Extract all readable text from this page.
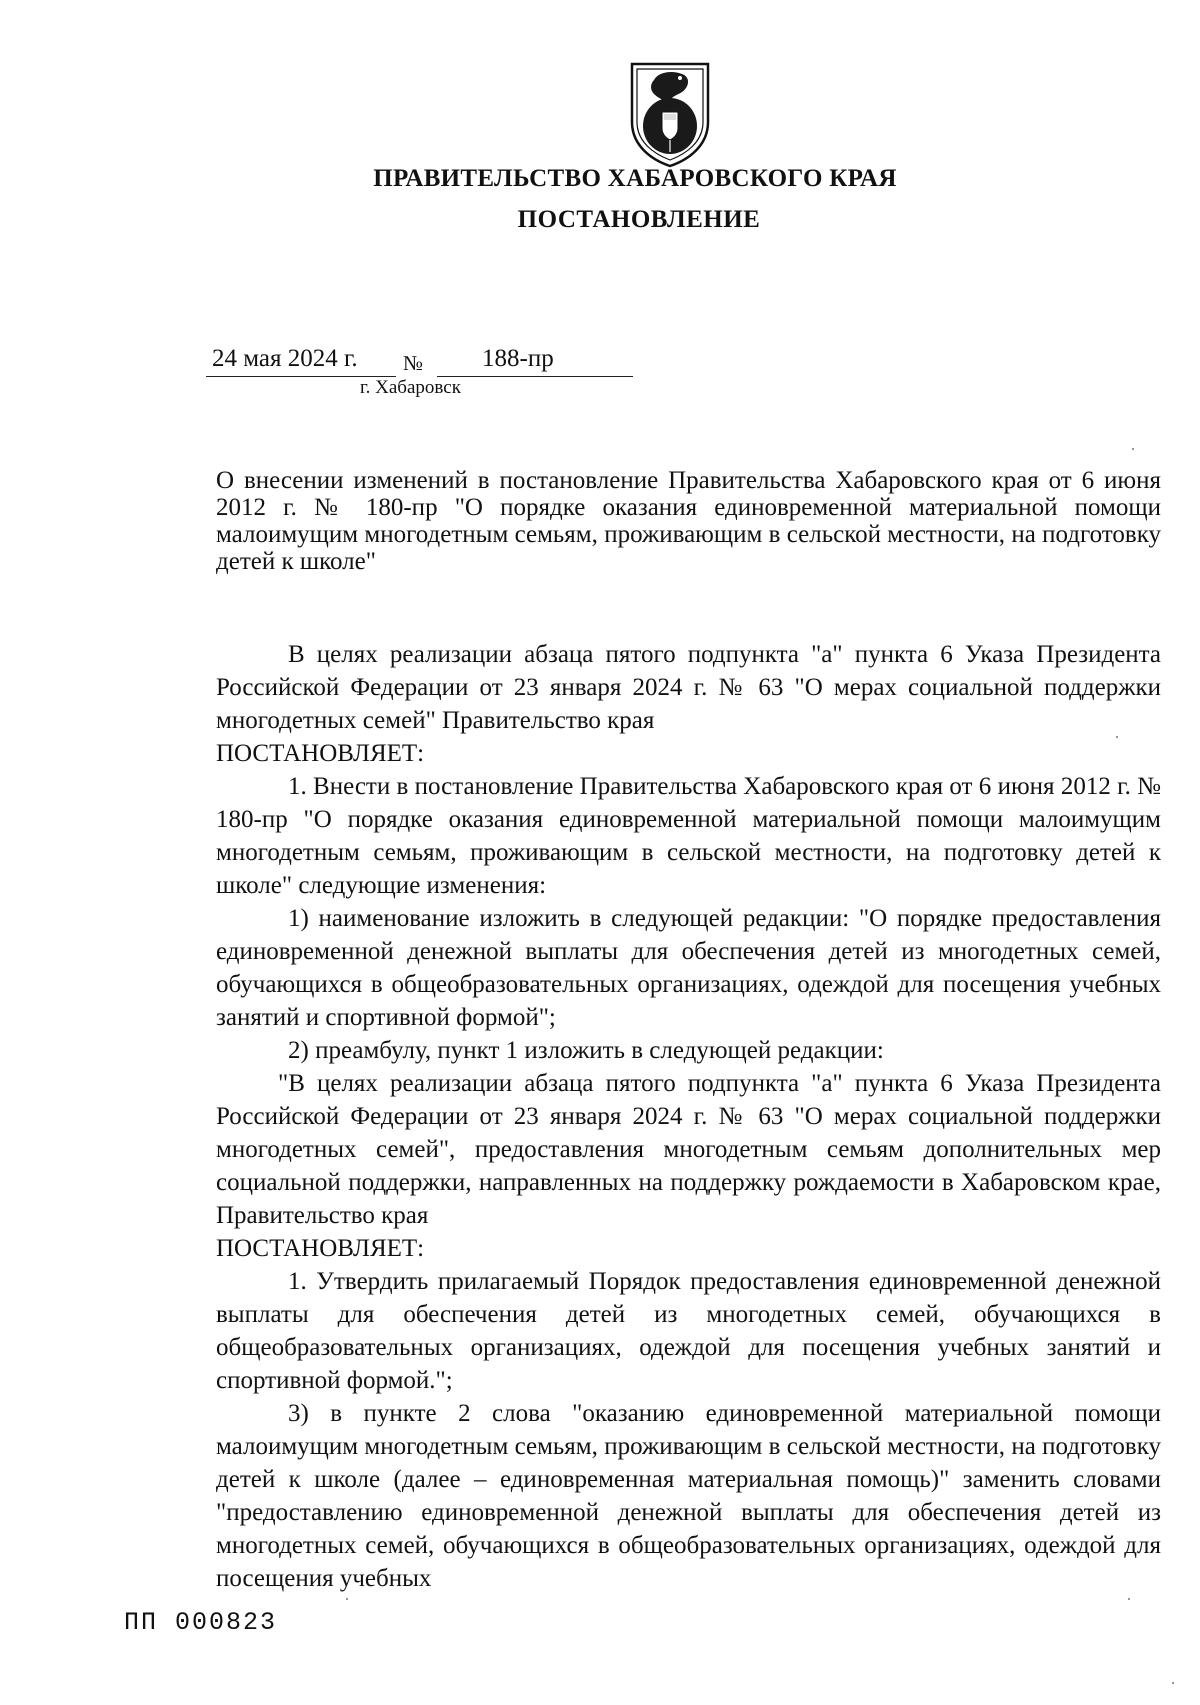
ПРАВИТЕЛЬСТВО ХАБАРОВСКОГО КРАЯ
ПОСТАНОВЛЕНИЕ
24 мая 2024 г. № 188-пр
г. Хабаровск
О внесении изменений в постановление Правительства Хабаровского края от 6 июня 2012 г. № 180-пр "О порядке оказания единовременной материальной помощи малоимущим многодетным семьям, проживающим в сельской местности, на подготовку детей к школе"

В целях реализации абзаца пятого подпункта "а" пункта 6 Указа Президента Российской Федерации от 23 января 2024 г. № 63 "О мерах социальной поддержки многодетных семей" Правительство края

ПОСТАНОВЛЯЕТ:

1. Внести в постановление Правительства Хабаровского края от 6 июня 2012 г. № 180-пр "О порядке оказания единовременной материальной помощи малоимущим многодетным семьям, проживающим в сельской местности, на подготовку детей к школе" следующие изменения:

1) наименование изложить в следующей редакции: "О порядке предоставления единовременной денежной выплаты для обеспечения детей из многодетных семей, обучающихся в общеобразовательных организациях, одеждой для посещения учебных занятий и спортивной формой";

2) преамбулу, пункт 1 изложить в следующей редакции:

"В целях реализации абзаца пятого подпункта "а" пункта 6 Указа Президента Российской Федерации от 23 января 2024 г. № 63 "О мерах социальной поддержки многодетных семей", предоставления многодетным семьям дополнительных мер социальной поддержки, направленных на поддержку рождаемости в Хабаровском крае, Правительство края

ПОСТАНОВЛЯЕТ:

1. Утвердить прилагаемый Порядок предоставления единовременной денежной выплаты для обеспечения детей из многодетных семей, обучающихся в общеобразовательных организациях, одеждой для посещения учебных занятий и спортивной формой.";

3) в пункте 2 слова "оказанию единовременной материальной помощи малоимущим многодетным семьям, проживающим в сельской местности, на подготовку детей к школе (далее – единовременная материальная помощь)" заменить словами "предоставлению единовременной денежной выплаты для обеспечения детей из многодетных семей, обучающихся в общеобразовательных организациях, одеждой для посещения учебных

ПП 000823
